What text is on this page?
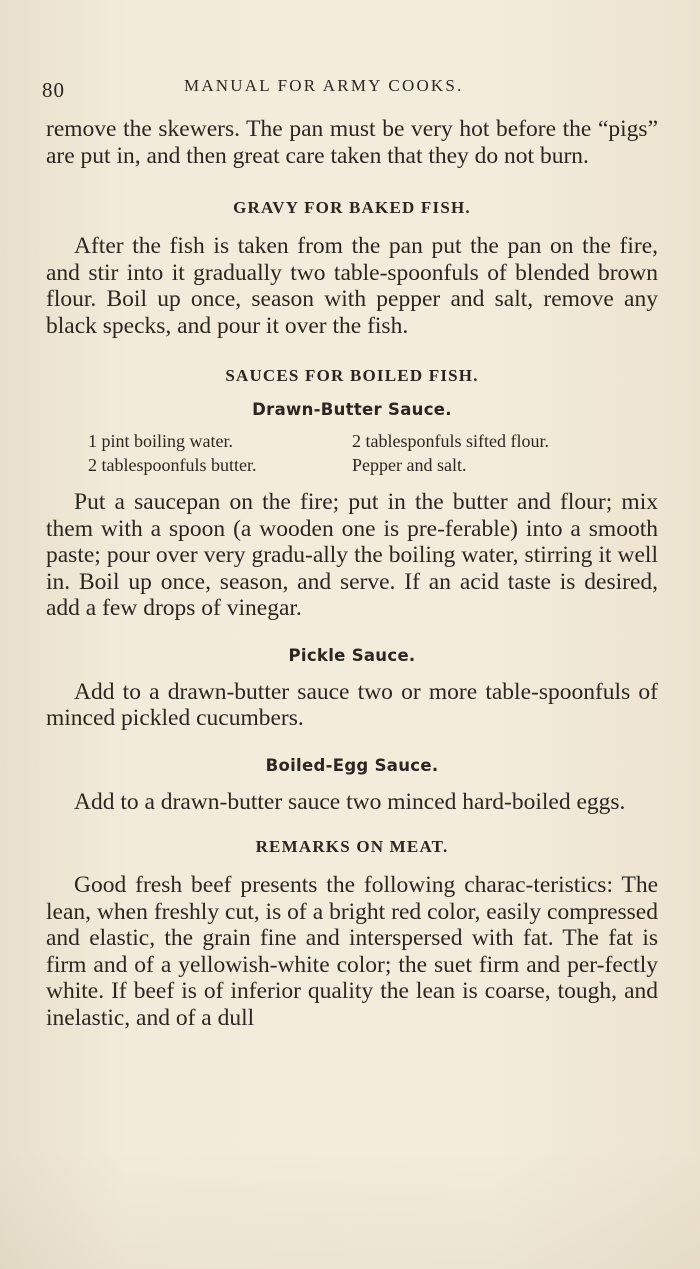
80	MANUAL FOR ARMY COOKS.

remove the skewers. The pan must be very hot before the “pigs” are put in, and then great care taken that they do not burn.

GRAVY FOR BAKED FISH.

After the fish is taken from the pan put the pan on the fire, and stir into it gradually two table-spoonfuls of blended brown flour. Boil up once, season with pepper and salt, remove any black specks, and pour it over the fish.

SAUCES FOR BOILED FISH.
Drawn-Butter Sauce.
1 pint boiling water.	2 tablesponfuls sifted flour.
2 tablespoonfuls butter.	Pepper and salt.

Put a saucepan on the fire; put in the butter and flour; mix them with a spoon (a wooden one is pre-ferable) into a smooth paste; pour over very gradu-ally the boiling water, stirring it well in. Boil up once, season, and serve. If an acid taste is desired, add a few drops of vinegar.

Pickle Sauce.

Add to a drawn-butter sauce two or more table-spoonfuls of minced pickled cucumbers.

Boiled-Egg Sauce.

Add to a drawn-butter sauce two minced hard-boiled eggs.

REMARKS ON MEAT.

Good fresh beef presents the following charac-teristics: The lean, when freshly cut, is of a bright red color, easily compressed and elastic, the grain fine and interspersed with fat. The fat is firm and of a yellowish-white color; the suet firm and per-fectly white. If beef is of inferior quality the lean is coarse, tough, and inelastic, and of a dull
